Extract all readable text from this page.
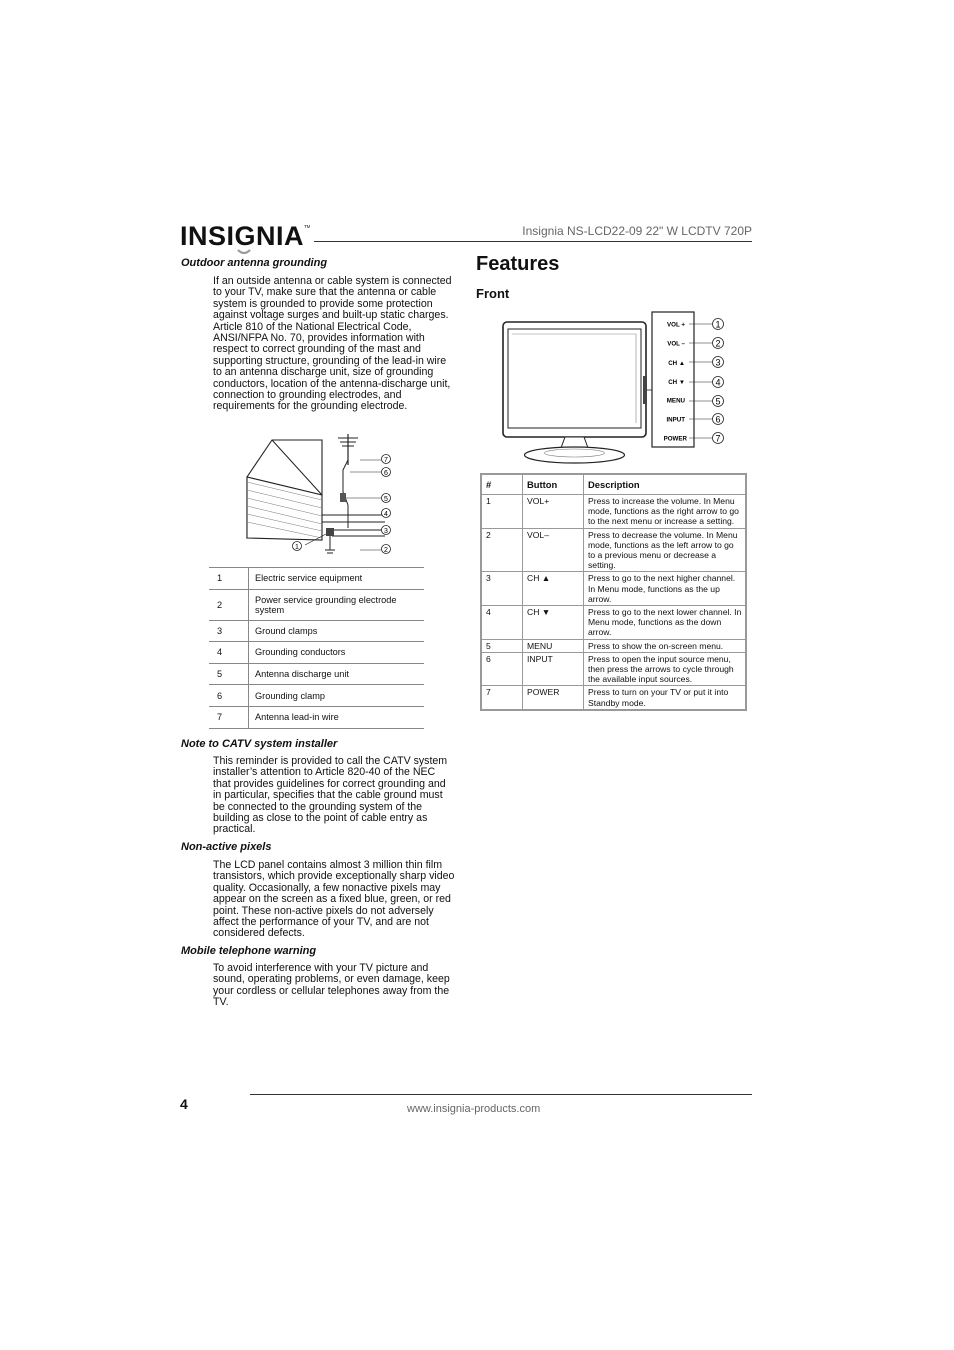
INSIGNIA TM	Insignia NS-LCD22-09 22" W LCDTV 720P
Outdoor antenna grounding
If an outside antenna or cable system is connected to your TV, make sure that the antenna or cable system is grounded to provide some protection against voltage surges and built-up static charges. Article 810 of the National Electrical Code, ANSI/NFPA No. 70, provides information with respect to correct grounding of the mast and supporting structure, grounding of the lead-in wire to an antenna discharge unit, size of grounding conductors, location of the antenna-discharge unit, connection to grounding electrodes, and requirements for the grounding electrode.
7
6
5
4
3
2
1
1	Electric service equipment
2	Power service grounding electrode system
3	Ground clamps
4	Grounding conductors
5	Antenna discharge unit
6	Grounding clamp
7	Antenna lead-in wire
Note to CATV system installer
This reminder is provided to call the CATV system installer’s attention to Article 820-40 of the NEC that provides guidelines for correct grounding and in particular, specifies that the cable ground must be connected to the grounding system of the building as close to the point of cable entry as practical.
Non-active pixels
The LCD panel contains almost 3 million thin film transistors, which provide exceptionally sharp video quality. Occasionally, a few nonactive pixels may appear on the screen as a fixed blue, green, or red point. These non-active pixels do not adversely affect the performance of your TV, and are not considered defects.
Mobile telephone warning
To avoid interference with your TV picture and sound, operating problems, or even damage, keep your cordless or cellular telephones away from the TV.
Features
Front
VOL +
VOL –
CH ▲
CH ▼
MENU
INPUT
POWER
1
2
3
4
5
6
7
#	Button	Description
1	VOL+	Press to increase the volume. In Menu mode, functions as the right arrow to go to the next menu or increase a setting.
2	VOL–	Press to decrease the volume. In Menu mode, functions as the left arrow to go to a previous menu or decrease a setting.
3	CH ▲	Press to go to the next higher channel. In Menu mode, functions as the up arrow.
4	CH ▼	Press to go to the next lower channel. In Menu mode, functions as the down arrow.
5	MENU	Press to show the on-screen menu.
6	INPUT	Press to open the input source menu, then press the arrows to cycle through the available input sources.
7	POWER	Press to turn on your TV or put it into Standby mode.
4	www.insignia-products.com
